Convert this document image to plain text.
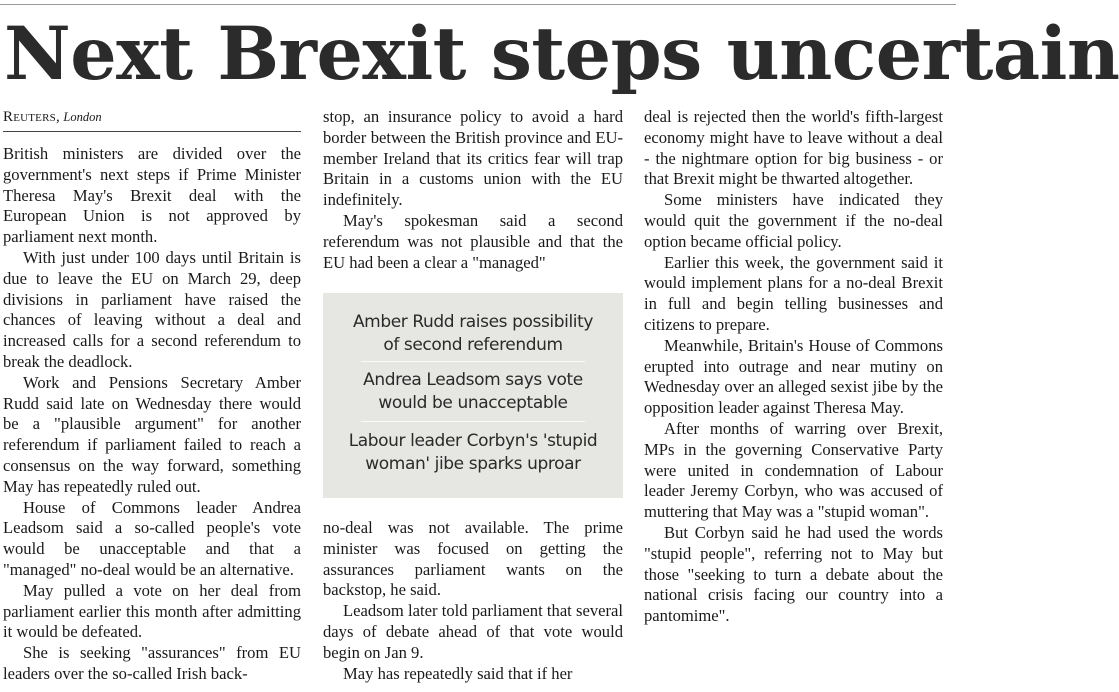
Next Brexit steps uncertain
Reuters, London

British ministers are divided over the government's next steps if Prime Minister Theresa May's Brexit deal with the European Union is not approved by parliament next month.

With just under 100 days until Britain is due to leave the EU on March 29, deep divisions in parliament have raised the chances of leaving without a deal and increased calls for a second referendum to break the deadlock.

Work and Pensions Secretary Amber Rudd said late on Wednesday there would be a "plausible argument" for another referendum if parliament failed to reach a consensus on the way forward, something May has repeatedly ruled out.

House of Commons leader Andrea Leadsom said a so-called people's vote would be unacceptable and that a "managed" no-deal would be an alternative.

May pulled a vote on her deal from parliament earlier this month after admitting it would be defeated.

She is seeking "assurances" from EU leaders over the so-called Irish back-

stop, an insurance policy to avoid a hard border between the British province and EU-member Ireland that its critics fear will trap Britain in a customs union with the EU indefinitely.

May's spokesman said a second referendum was not plausible and that the EU had been a clear a "managed"

Amber Rudd raises possibility of second referendum
Andrea Leadsom says vote would be unacceptable
Labour leader Corbyn's 'stupid woman' jibe sparks uproar

no-deal was not available. The prime minister was focused on getting the assurances parliament wants on the backstop, he said.

Leadsom later told parliament that several days of debate ahead of that vote would begin on Jan 9.

May has repeatedly said that if her

deal is rejected then the world's fifth-largest economy might have to leave without a deal - the nightmare option for big business - or that Brexit might be thwarted altogether.

Some ministers have indicated they would quit the government if the no-deal option became official policy.

Earlier this week, the government said it would implement plans for a no-deal Brexit in full and begin telling businesses and citizens to prepare.

Meanwhile, Britain's House of Commons erupted into outrage and near mutiny on Wednesday over an alleged sexist jibe by the opposition leader against Theresa May.

After months of warring over Brexit, MPs in the governing Conservative Party were united in condemnation of Labour leader Jeremy Corbyn, who was accused of muttering that May was a "stupid woman".

But Corbyn said he had used the words "stupid people", referring not to May but those "seeking to turn a debate about the national crisis facing our country into a pantomime".
